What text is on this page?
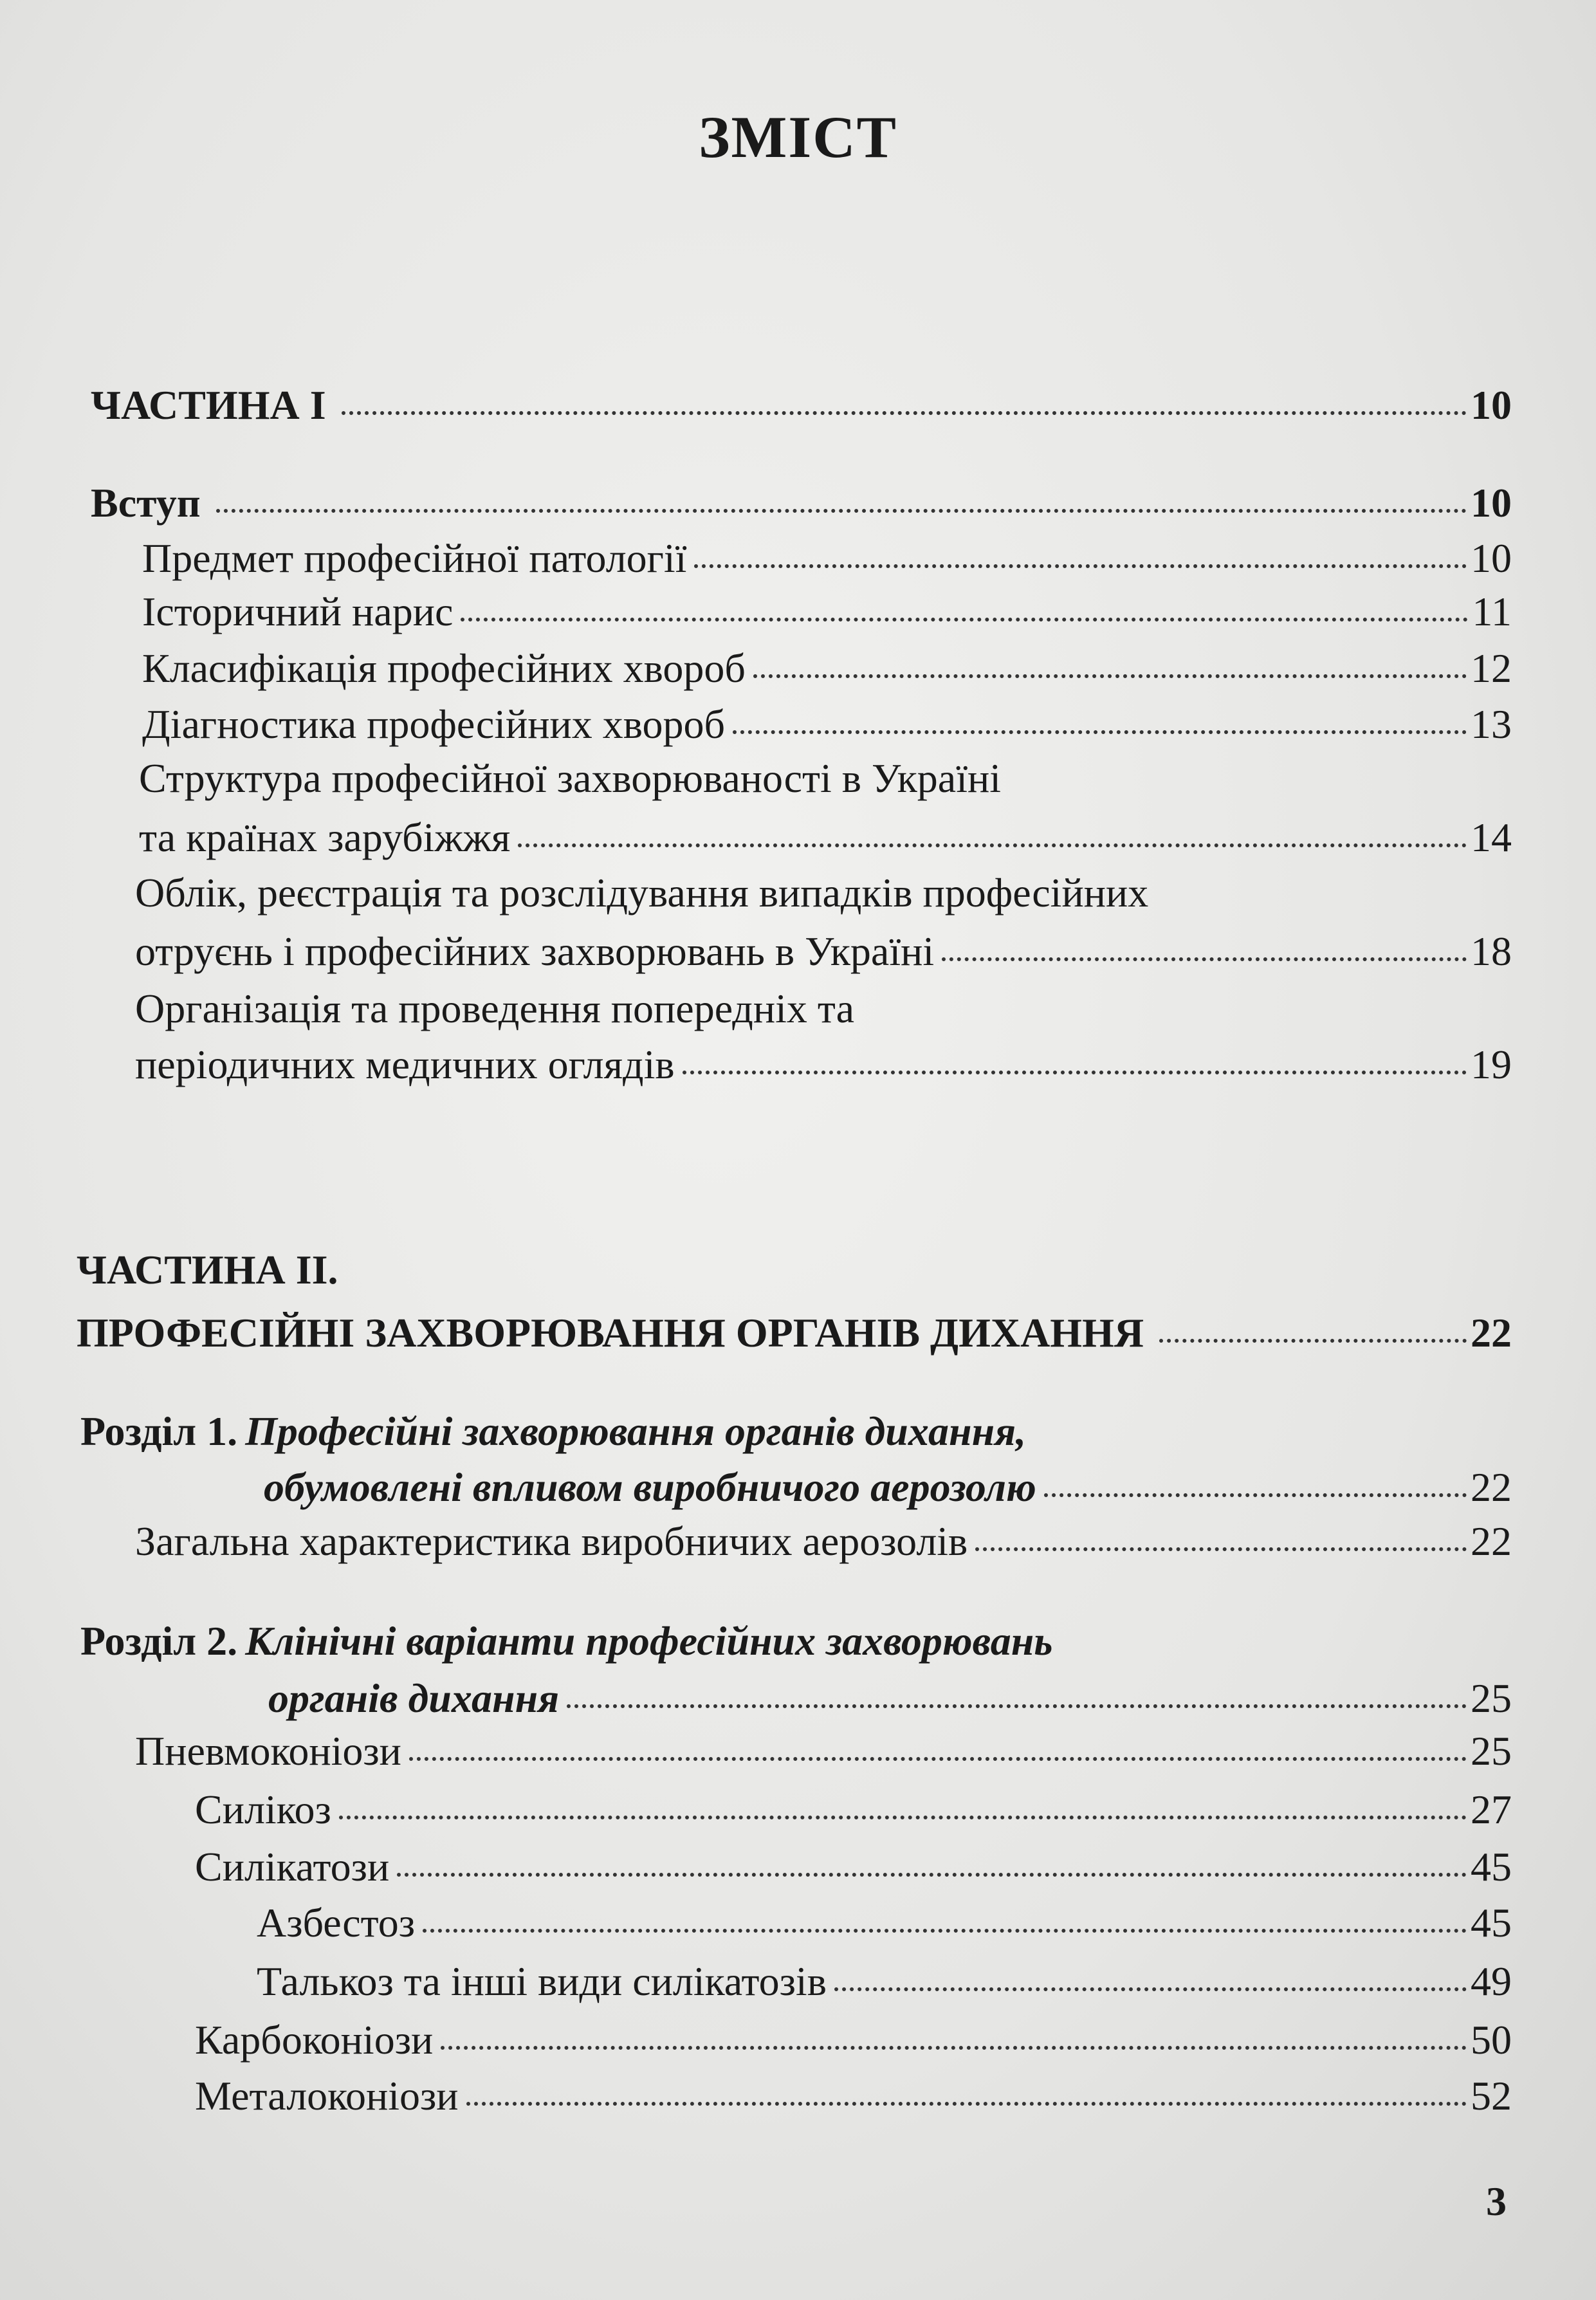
ЗМІСТ
ЧАСТИНА І	10
Вступ	10
Предмет професійної патології	10
Історичний нарис	11
Класифікація професійних хвороб	12
Діагностика професійних хвороб	13
Структура професійної захворюваності в Україні
та країнах зарубіжжя	14
Облік, реєстрація та розслідування випадків професійних
отруєнь і професійних захворювань в Україні	18
Організація та проведення попередніх та
періодичних медичних оглядів	19
ЧАСТИНА ІІ.
ПРОФЕСІЙНІ ЗАХВОРЮВАННЯ ОРГАНІВ ДИХАННЯ	22
Розділ 1. Професійні захворювання органів дихання,
обумовлені впливом виробничого аерозолю	22
Загальна характеристика виробничих аерозолів	22
Розділ 2. Клінічні варіанти професійних захворювань
органів дихання	25
Пневмоконіози	25
Силікоз	27
Силікатози	45
Азбестоз	45
Талькоз та інші види силікатозів	49
Карбоконіози	50
Металоконіози	52
3
